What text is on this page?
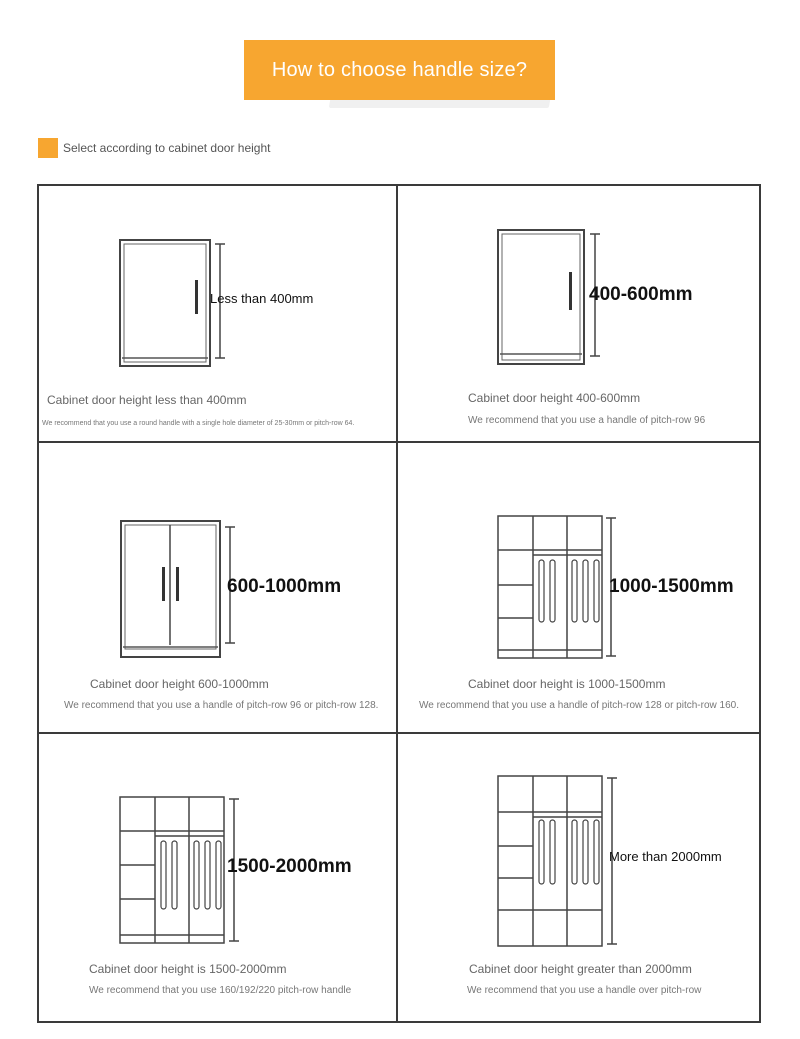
How to choose handle size?
Select according to cabinet door height
Less than 400mm
Cabinet door height less than 400mm
We recommend that you use a round handle with a single hole diameter of 25-30mm or pitch-row 64.
400-600mm
Cabinet door height 400-600mm
We recommend that you use a handle of pitch-row 96
600-1000mm
Cabinet door height 600-1000mm
We recommend that you use a handle of pitch-row 96 or pitch-row 128.
1000-1500mm
Cabinet door height is 1000-1500mm
We recommend that you use a handle of pitch-row 128 or pitch-row 160.
1500-2000mm
Cabinet door height is 1500-2000mm
We recommend that you use 160/192/220 pitch-row handle
More than 2000mm
Cabinet door height greater than 2000mm
We recommend that you use a handle over pitch-row
